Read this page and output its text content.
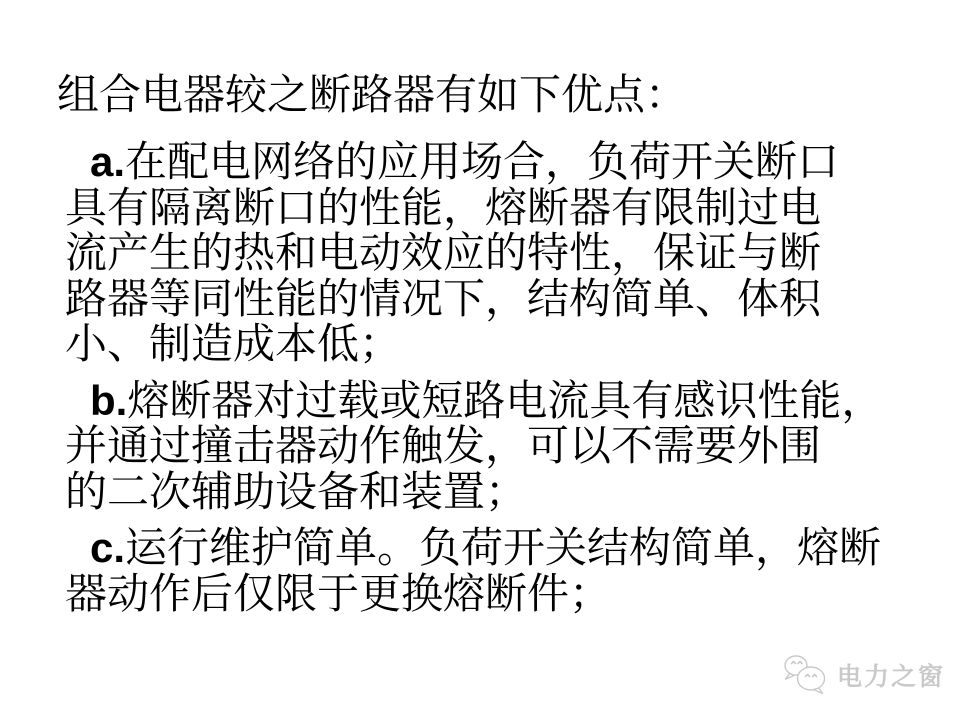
组合电器较之断路器有如下优点：
a.在配电网络的应用场合，负荷开关断口
具有隔离断口的性能，熔断器有限制过电
流产生的热和电动效应的特性，保证与断
路器等同性能的情况下，结构简单、体积
小、制造成本低；
b.熔断器对过载或短路电流具有感识性能，
并通过撞击器动作触发，可以不需要外围
的二次辅助设备和装置；
c.运行维护简单。负荷开关结构简单，熔断
器动作后仅限于更换熔断件；
电力之窗
